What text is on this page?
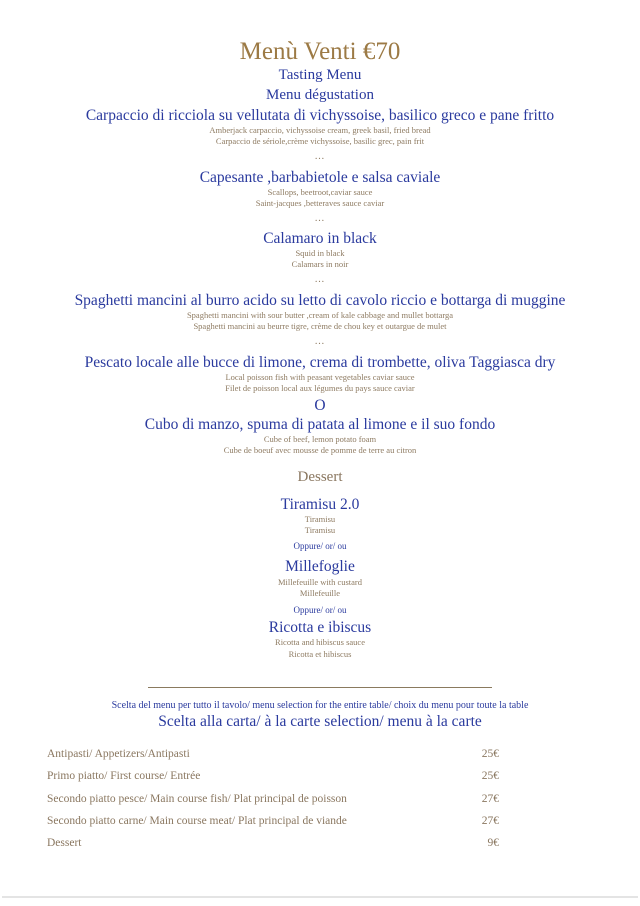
Menù Venti €70
Tasting Menu
Menu dégustation
Carpaccio di ricciola su vellutata di vichyssoise, basilico greco e pane fritto
Amberjack carpaccio, vichyssoise cream, greek basil, fried bread
Carpaccio de sériole,crème vichyssoise, basilic grec, pain frit
…
Capesante ,barbabietole e salsa caviale
Scallops, beetroot,caviar sauce
Saint-jacques ,betteraves sauce caviar
…
Calamaro in black
Squid in black
Calamars in noir
…
Spaghetti mancini al burro acido su letto di cavolo riccio e bottarga di muggine
Spaghetti mancini with sour butter ,cream of kale cabbage and mullet bottarga
Spaghetti mancini au beurre tigre, crème de chou key et outargue de mulet
…
Pescato locale alle bucce di limone, crema di trombette, oliva Taggiasca dry
Local poisson fish with peasant vegetables caviar sauce
Filet de poisson local aux légumes du pays sauce caviar
O
Cubo di manzo, spuma di patata al limone e il suo fondo
Cube of beef, lemon potato foam
Cube de boeuf avec mousse de pomme de terre au citron
Dessert
Tiramisu 2.0
Tiramisu
Tiramisu
Oppure/ or/ ou
Millefoglie
Millefeuille with custard
Millefeuille
Oppure/ or/ ou
Ricotta e ibiscus
Ricotta and hibiscus sauce
Ricotta et hibiscus
Scelta del menu per tutto il tavolo/ menu selection for the entire table/ choix du menu pour toute la table
Scelta alla carta/ à la carte selection/ menu à la carte
Antipasti/ Appetizers/Antipasti	25€
Primo piatto/ First course/ Entrée	25€
Secondo piatto pesce/ Main course fish/ Plat principal de poisson	27€
Secondo piatto carne/ Main course meat/ Plat principal de viande	27€
Dessert	9€
